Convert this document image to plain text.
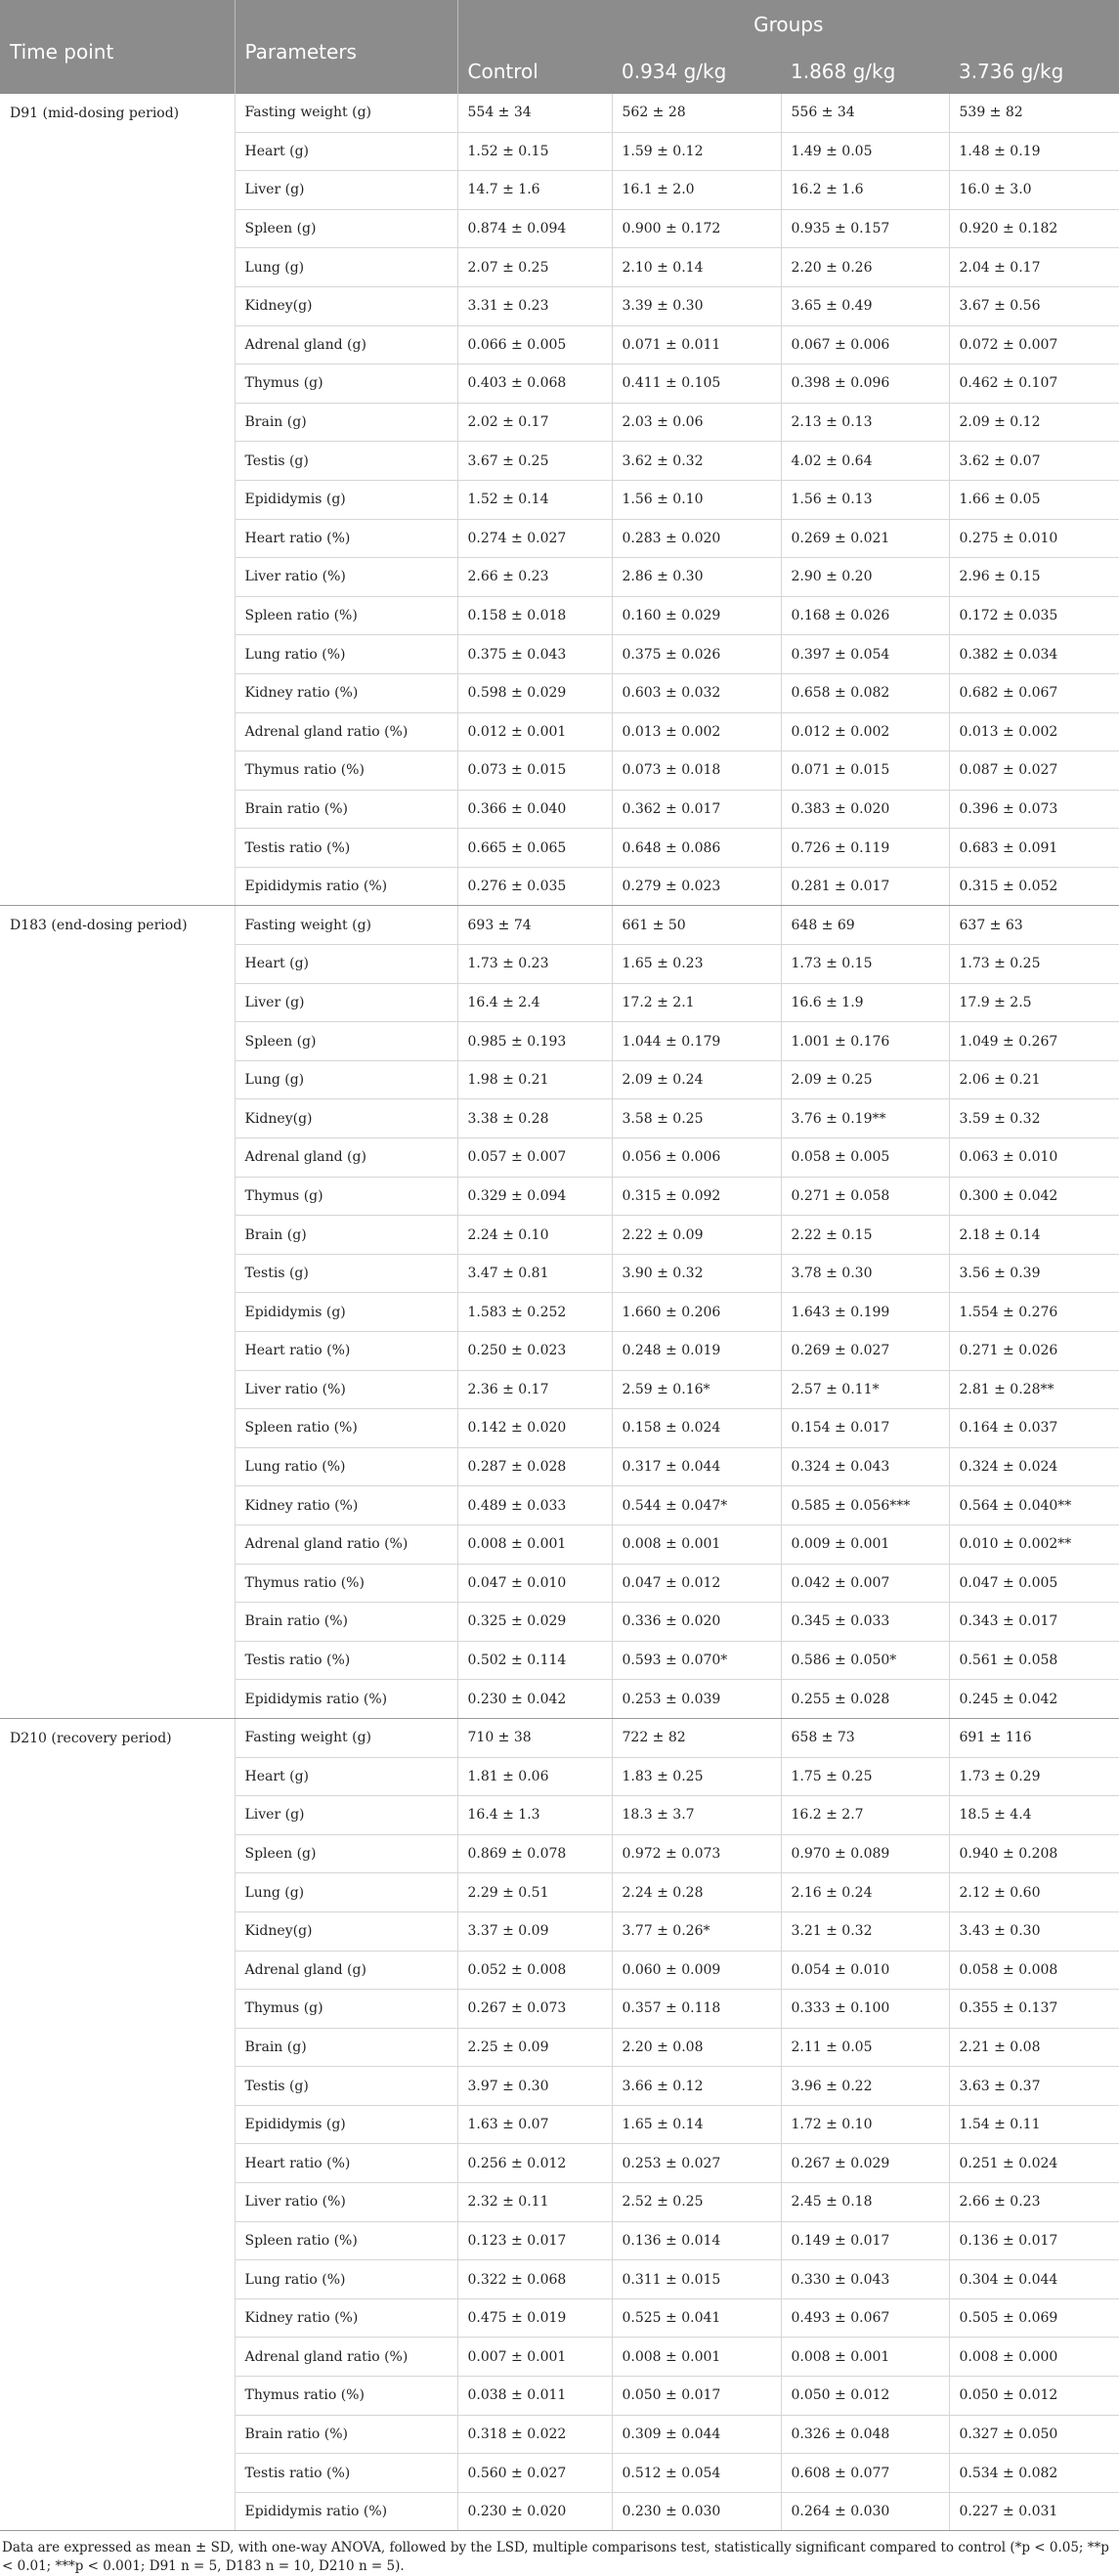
Time point	Parameters	Groups			
		Control	0.934 g/kg	1.868 g/kg	3.736 g/kg
D91 (mid-dosing period)	Fasting weight (g)	554 ± 34	562 ± 28	556 ± 34	539 ± 82
	Heart (g)	1.52 ± 0.15	1.59 ± 0.12	1.49 ± 0.05	1.48 ± 0.19
	Liver (g)	14.7 ± 1.6	16.1 ± 2.0	16.2 ± 1.6	16.0 ± 3.0
	Spleen (g)	0.874 ± 0.094	0.900 ± 0.172	0.935 ± 0.157	0.920 ± 0.182
	Lung (g)	2.07 ± 0.25	2.10 ± 0.14	2.20 ± 0.26	2.04 ± 0.17
	Kidney(g)	3.31 ± 0.23	3.39 ± 0.30	3.65 ± 0.49	3.67 ± 0.56
	Adrenal gland (g)	0.066 ± 0.005	0.071 ± 0.011	0.067 ± 0.006	0.072 ± 0.007
	Thymus (g)	0.403 ± 0.068	0.411 ± 0.105	0.398 ± 0.096	0.462 ± 0.107
	Brain (g)	2.02 ± 0.17	2.03 ± 0.06	2.13 ± 0.13	2.09 ± 0.12
	Testis (g)	3.67 ± 0.25	3.62 ± 0.32	4.02 ± 0.64	3.62 ± 0.07
	Epididymis (g)	1.52 ± 0.14	1.56 ± 0.10	1.56 ± 0.13	1.66 ± 0.05
	Heart ratio (%)	0.274 ± 0.027	0.283 ± 0.020	0.269 ± 0.021	0.275 ± 0.010
	Liver ratio (%)	2.66 ± 0.23	2.86 ± 0.30	2.90 ± 0.20	2.96 ± 0.15
	Spleen ratio (%)	0.158 ± 0.018	0.160 ± 0.029	0.168 ± 0.026	0.172 ± 0.035
	Lung ratio (%)	0.375 ± 0.043	0.375 ± 0.026	0.397 ± 0.054	0.382 ± 0.034
	Kidney ratio (%)	0.598 ± 0.029	0.603 ± 0.032	0.658 ± 0.082	0.682 ± 0.067
	Adrenal gland ratio (%)	0.012 ± 0.001	0.013 ± 0.002	0.012 ± 0.002	0.013 ± 0.002
	Thymus ratio (%)	0.073 ± 0.015	0.073 ± 0.018	0.071 ± 0.015	0.087 ± 0.027
	Brain ratio (%)	0.366 ± 0.040	0.362 ± 0.017	0.383 ± 0.020	0.396 ± 0.073
	Testis ratio (%)	0.665 ± 0.065	0.648 ± 0.086	0.726 ± 0.119	0.683 ± 0.091
	Epididymis ratio (%)	0.276 ± 0.035	0.279 ± 0.023	0.281 ± 0.017	0.315 ± 0.052
D183 (end-dosing period)	Fasting weight (g)	693 ± 74	661 ± 50	648 ± 69	637 ± 63
	Heart (g)	1.73 ± 0.23	1.65 ± 0.23	1.73 ± 0.15	1.73 ± 0.25
	Liver (g)	16.4 ± 2.4	17.2 ± 2.1	16.6 ± 1.9	17.9 ± 2.5
	Spleen (g)	0.985 ± 0.193	1.044 ± 0.179	1.001 ± 0.176	1.049 ± 0.267
	Lung (g)	1.98 ± 0.21	2.09 ± 0.24	2.09 ± 0.25	2.06 ± 0.21
	Kidney(g)	3.38 ± 0.28	3.58 ± 0.25	3.76 ± 0.19**	3.59 ± 0.32
	Adrenal gland (g)	0.057 ± 0.007	0.056 ± 0.006	0.058 ± 0.005	0.063 ± 0.010
	Thymus (g)	0.329 ± 0.094	0.315 ± 0.092	0.271 ± 0.058	0.300 ± 0.042
	Brain (g)	2.24 ± 0.10	2.22 ± 0.09	2.22 ± 0.15	2.18 ± 0.14
	Testis (g)	3.47 ± 0.81	3.90 ± 0.32	3.78 ± 0.30	3.56 ± 0.39
	Epididymis (g)	1.583 ± 0.252	1.660 ± 0.206	1.643 ± 0.199	1.554 ± 0.276
	Heart ratio (%)	0.250 ± 0.023	0.248 ± 0.019	0.269 ± 0.027	0.271 ± 0.026
	Liver ratio (%)	2.36 ± 0.17	2.59 ± 0.16*	2.57 ± 0.11*	2.81 ± 0.28**
	Spleen ratio (%)	0.142 ± 0.020	0.158 ± 0.024	0.154 ± 0.017	0.164 ± 0.037
	Lung ratio (%)	0.287 ± 0.028	0.317 ± 0.044	0.324 ± 0.043	0.324 ± 0.024
	Kidney ratio (%)	0.489 ± 0.033	0.544 ± 0.047*	0.585 ± 0.056***	0.564 ± 0.040**
	Adrenal gland ratio (%)	0.008 ± 0.001	0.008 ± 0.001	0.009 ± 0.001	0.010 ± 0.002**
	Thymus ratio (%)	0.047 ± 0.010	0.047 ± 0.012	0.042 ± 0.007	0.047 ± 0.005
	Brain ratio (%)	0.325 ± 0.029	0.336 ± 0.020	0.345 ± 0.033	0.343 ± 0.017
	Testis ratio (%)	0.502 ± 0.114	0.593 ± 0.070*	0.586 ± 0.050*	0.561 ± 0.058
	Epididymis ratio (%)	0.230 ± 0.042	0.253 ± 0.039	0.255 ± 0.028	0.245 ± 0.042
D210 (recovery period)	Fasting weight (g)	710 ± 38	722 ± 82	658 ± 73	691 ± 116
	Heart (g)	1.81 ± 0.06	1.83 ± 0.25	1.75 ± 0.25	1.73 ± 0.29
	Liver (g)	16.4 ± 1.3	18.3 ± 3.7	16.2 ± 2.7	18.5 ± 4.4
	Spleen (g)	0.869 ± 0.078	0.972 ± 0.073	0.970 ± 0.089	0.940 ± 0.208
	Lung (g)	2.29 ± 0.51	2.24 ± 0.28	2.16 ± 0.24	2.12 ± 0.60
	Kidney(g)	3.37 ± 0.09	3.77 ± 0.26*	3.21 ± 0.32	3.43 ± 0.30
	Adrenal gland (g)	0.052 ± 0.008	0.060 ± 0.009	0.054 ± 0.010	0.058 ± 0.008
	Thymus (g)	0.267 ± 0.073	0.357 ± 0.118	0.333 ± 0.100	0.355 ± 0.137
	Brain (g)	2.25 ± 0.09	2.20 ± 0.08	2.11 ± 0.05	2.21 ± 0.08
	Testis (g)	3.97 ± 0.30	3.66 ± 0.12	3.96 ± 0.22	3.63 ± 0.37
	Epididymis (g)	1.63 ± 0.07	1.65 ± 0.14	1.72 ± 0.10	1.54 ± 0.11
	Heart ratio (%)	0.256 ± 0.012	0.253 ± 0.027	0.267 ± 0.029	0.251 ± 0.024
	Liver ratio (%)	2.32 ± 0.11	2.52 ± 0.25	2.45 ± 0.18	2.66 ± 0.23
	Spleen ratio (%)	0.123 ± 0.017	0.136 ± 0.014	0.149 ± 0.017	0.136 ± 0.017
	Lung ratio (%)	0.322 ± 0.068	0.311 ± 0.015	0.330 ± 0.043	0.304 ± 0.044
	Kidney ratio (%)	0.475 ± 0.019	0.525 ± 0.041	0.493 ± 0.067	0.505 ± 0.069
	Adrenal gland ratio (%)	0.007 ± 0.001	0.008 ± 0.001	0.008 ± 0.001	0.008 ± 0.000
	Thymus ratio (%)	0.038 ± 0.011	0.050 ± 0.017	0.050 ± 0.012	0.050 ± 0.012
	Brain ratio (%)	0.318 ± 0.022	0.309 ± 0.044	0.326 ± 0.048	0.327 ± 0.050
	Testis ratio (%)	0.560 ± 0.027	0.512 ± 0.054	0.608 ± 0.077	0.534 ± 0.082
	Epididymis ratio (%)	0.230 ± 0.020	0.230 ± 0.030	0.264 ± 0.030	0.227 ± 0.031
Data are expressed as mean ± SD, with one-way ANOVA, followed by the LSD, multiple comparisons test, statistically significant compared to control (*p < 0.05; **p < 0.01; ***p < 0.001; D91 n = 5, D183 n = 10, D210 n = 5).
